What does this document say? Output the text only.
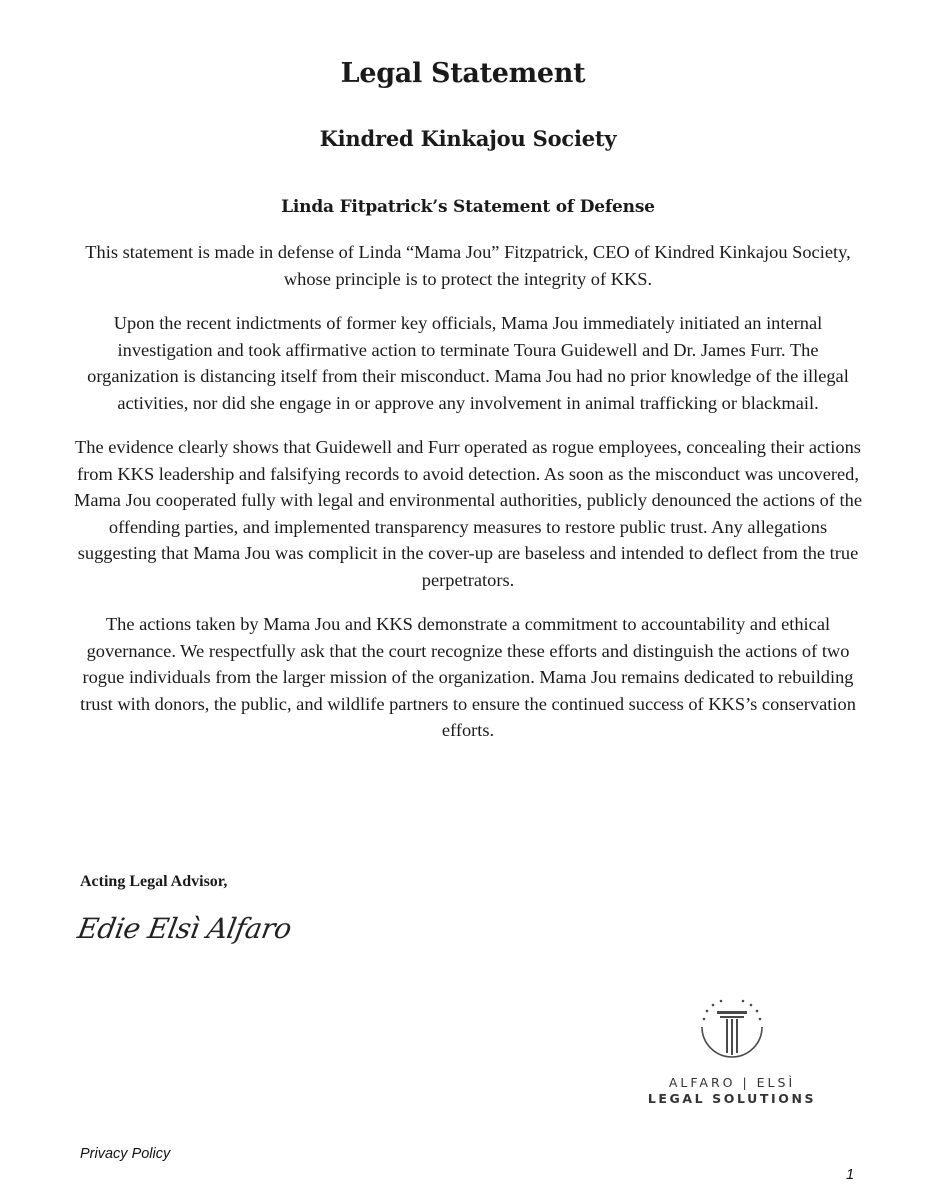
Legal Statement
Kindred Kinkajou Society
Linda Fitpatrick’s Statement of Defense

This statement is made in defense of Linda “Mama Jou” Fitzpatrick, CEO of Kindred Kinkajou Society, whose principle is to protect the integrity of KKS.

Upon the recent indictments of former key officials, Mama Jou immediately initiated an internal investigation and took affirmative action to terminate Toura Guidewell and Dr. James Furr. The organization is distancing itself from their misconduct. Mama Jou had no prior knowledge of the illegal activities, nor did she engage in or approve any involvement in animal trafficking or blackmail.

The evidence clearly shows that Guidewell and Furr operated as rogue employees, concealing their actions from KKS leadership and falsifying records to avoid detection. As soon as the misconduct was uncovered, Mama Jou cooperated fully with legal and environmental authorities, publicly denounced the actions of the offending parties, and implemented transparency measures to restore public trust. Any allegations suggesting that Mama Jou was complicit in the cover-up are baseless and intended to deflect from the true perpetrators.

The actions taken by Mama Jou and KKS demonstrate a commitment to accountability and ethical governance. We respectfully ask that the court recognize these efforts and distinguish the actions of two rogue individuals from the larger mission of the organization. Mama Jou remains dedicated to rebuilding trust with donors, the public, and wildlife partners to ensure the continued success of KKS’s conservation efforts.

Acting Legal Advisor,
Edie Elsì Alfaro
ALFARO | ELSÌ
LEGAL SOLUTIONS
Privacy Policy
1
